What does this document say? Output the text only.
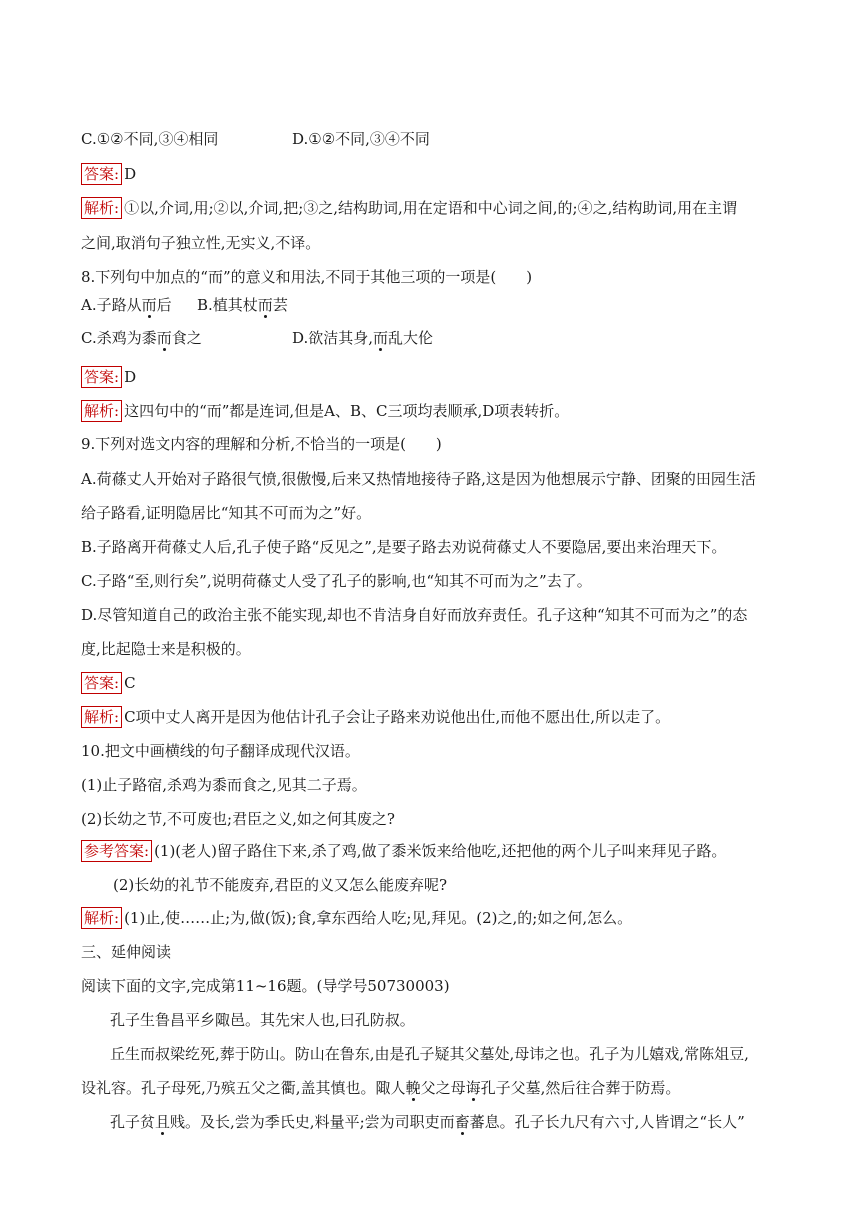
C.①②不同,③④相同	D.①②不同,③④不同
答案: D
解析: ①以,介词,用;②以,介词,把;③之,结构助词,用在定语和中心词之间,的;④之,结构助词,用在主谓
之间,取消句子独立性,无实义,不译。
8.下列句中加点的“而”的意义和用法,不同于其他三项的一项是(　　)
A.子路从而后 B.植其杖而芸
C.杀鸡为黍而食之	D.欲洁其身,而乱大伦
答案: D
解析: 这四句中的“而”都是连词,但是A、B、C三项均表顺承,D项表转折。
9.下列对选文内容的理解和分析,不恰当的一项是(　　)
A.荷蓧丈人开始对子路很气愤,很傲慢,后来又热情地接待子路,这是因为他想展示宁静、团聚的田园生活
给子路看,证明隐居比“知其不可而为之”好。
B.子路离开荷蓧丈人后,孔子使子路“反见之”,是要子路去劝说荷蓧丈人不要隐居,要出来治理天下。
C.子路“至,则行矣”,说明荷蓧丈人受了孔子的影响,也“知其不可而为之”去了。
D.尽管知道自己的政治主张不能实现,却也不肯洁身自好而放弃责任。孔子这种“知其不可而为之”的态
度,比起隐士来是积极的。
答案: C
解析: C项中丈人离开是因为他估计孔子会让子路来劝说他出仕,而他不愿出仕,所以走了。
10.把文中画横线的句子翻译成现代汉语。
(1)止子路宿,杀鸡为黍而食之,见其二子焉。
(2)长幼之节,不可废也;君臣之义,如之何其废之?
参考答案: (1)(老人)留子路住下来,杀了鸡,做了黍米饭来给他吃,还把他的两个儿子叫来拜见子路。
(2)长幼的礼节不能废弃,君臣的义又怎么能废弃呢?
解析: (1)止,使……止;为,做(饭);食,拿东西给人吃;见,拜见。(2)之,的;如之何,怎么。
三、延伸阅读
阅读下面的文字,完成第11~16题。(导学号50730003)
孔子生鲁昌平乡陬邑。其先宋人也,曰孔防叔。
丘生而叔梁纥死,葬于防山。防山在鲁东,由是孔子疑其父墓处,母讳之也。孔子为儿嬉戏,常陈俎豆,
设礼容。孔子母死,乃殡五父之衢,盖其慎也。陬人輓父之母诲孔子父墓,然后往合葬于防焉。
孔子贫且贱。及长,尝为季氏史,料量平;尝为司职吏而畜蕃息。孔子长九尺有六寸,人皆谓之“长人”
